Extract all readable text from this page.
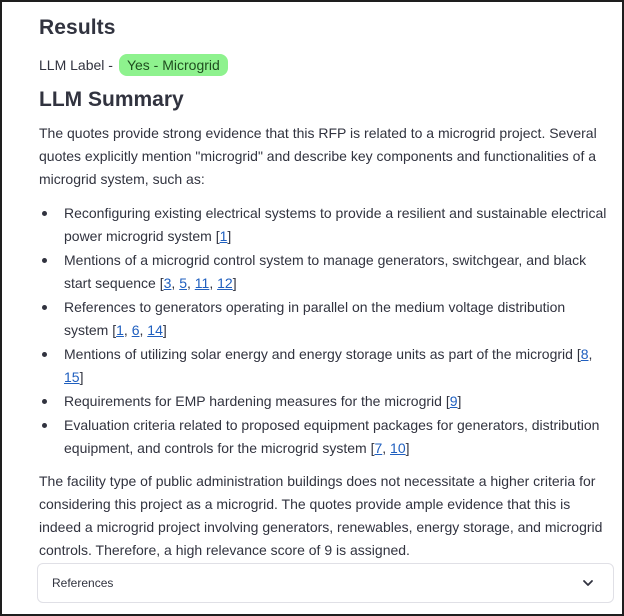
Results
LLM Label -	Yes - Microgrid
LLM Summary

The quotes provide strong evidence that this RFP is related to a microgrid project. Several quotes explicitly mention "microgrid" and describe key components and functionalities of a microgrid system, such as:

Reconfiguring existing electrical systems to provide a resilient and sustainable electrical power microgrid system [1]
Mentions of a microgrid control system to manage generators, switchgear, and black start sequence [3, 5, 11, 12]
References to generators operating in parallel on the medium voltage distribution system [1, 6, 14]
Mentions of utilizing solar energy and energy storage units as part of the microgrid [8, 15]
Requirements for EMP hardening measures for the microgrid [9]
Evaluation criteria related to proposed equipment packages for generators, distribution equipment, and controls for the microgrid system [7, 10]

The facility type of public administration buildings does not necessitate a higher criteria for considering this project as a microgrid. The quotes provide ample evidence that this is indeed a microgrid project involving generators, renewables, energy storage, and microgrid controls. Therefore, a high relevance score of 9 is assigned.

References
